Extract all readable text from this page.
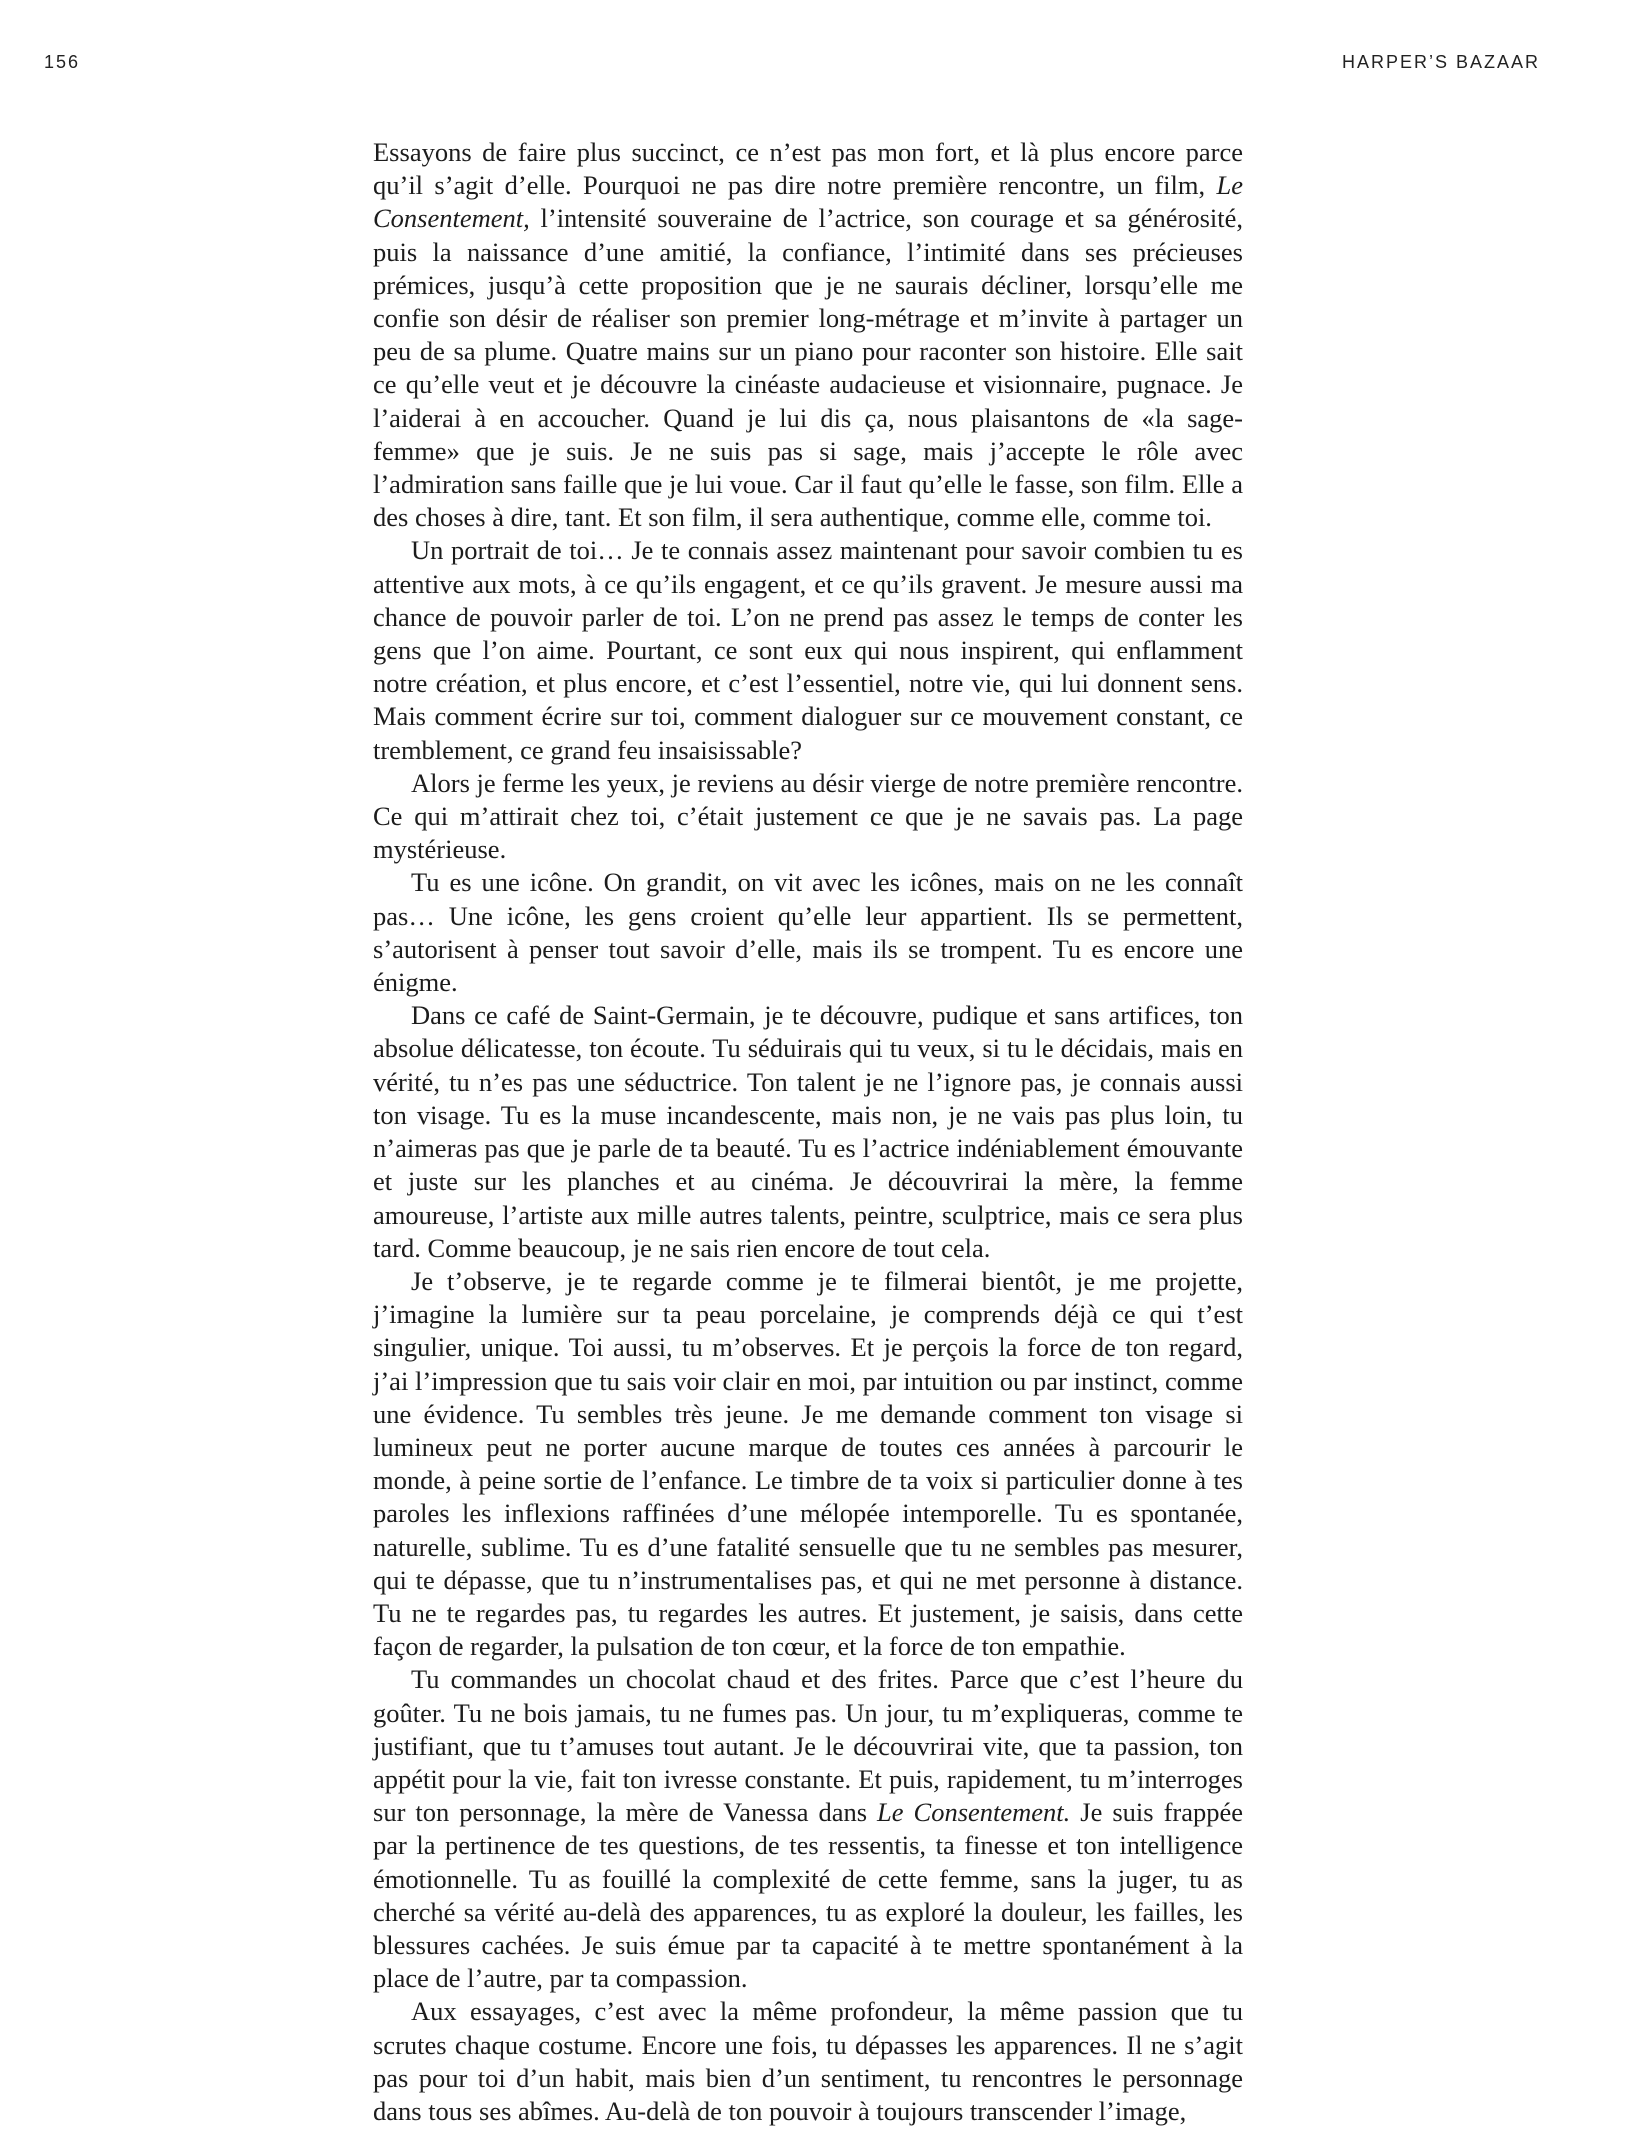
156	HARPER’S BAZAAR

Essayons de faire plus succinct, ce n’est pas mon fort, et là plus encore parce qu’il s’agit d’elle. Pourquoi ne pas dire notre première rencontre, un film, Le Consentement, l’intensité souveraine de l’actrice, son courage et sa générosité, puis la naissance d’une amitié, la confiance, l’intimité dans ses précieuses prémices, jusqu’à cette proposition que je ne saurais décliner, lorsqu’elle me confie son désir de réaliser son premier long-métrage et m’invite à partager un peu de sa plume. Quatre mains sur un piano pour raconter son histoire. Elle sait ce qu’elle veut et je découvre la cinéaste audacieuse et visionnaire, pugnace. Je l’aiderai à en accoucher. Quand je lui dis ça, nous plaisantons de «la sage-femme» que je suis. Je ne suis pas si sage, mais j’accepte le rôle avec l’admiration sans faille que je lui voue. Car il faut qu’elle le fasse, son film. Elle a des choses à dire, tant. Et son film, il sera authentique, comme elle, comme toi.

Un portrait de toi… Je te connais assez maintenant pour savoir combien tu es attentive aux mots, à ce qu’ils engagent, et ce qu’ils gravent. Je mesure aussi ma chance de pouvoir parler de toi. L’on ne prend pas assez le temps de conter les gens que l’on aime. Pourtant, ce sont eux qui nous inspirent, qui enflamment notre création, et plus encore, et c’est l’essentiel, notre vie, qui lui donnent sens. Mais comment écrire sur toi, comment dialoguer sur ce mouvement constant, ce tremblement, ce grand feu insaisissable?

Alors je ferme les yeux, je reviens au désir vierge de notre première rencontre. Ce qui m’attirait chez toi, c’était justement ce que je ne savais pas. La page mystérieuse.

Tu es une icône. On grandit, on vit avec les icônes, mais on ne les connaît pas… Une icône, les gens croient qu’elle leur appartient. Ils se permettent, s’autorisent à penser tout savoir d’elle, mais ils se trompent. Tu es encore une énigme.

Dans ce café de Saint-Germain, je te découvre, pudique et sans artifices, ton absolue délicatesse, ton écoute. Tu séduirais qui tu veux, si tu le décidais, mais en vérité, tu n’es pas une séductrice. Ton talent je ne l’ignore pas, je connais aussi ton visage. Tu es la muse incandescente, mais non, je ne vais pas plus loin, tu n’aimeras pas que je parle de ta beauté. Tu es l’actrice indéniablement émouvante et juste sur les planches et au cinéma. Je découvrirai la mère, la femme amoureuse, l’artiste aux mille autres talents, peintre, sculptrice, mais ce sera plus tard. Comme beaucoup, je ne sais rien encore de tout cela.

Je t’observe, je te regarde comme je te filmerai bientôt, je me projette, j’imagine la lumière sur ta peau porcelaine, je comprends déjà ce qui t’est singulier, unique. Toi aussi, tu m’observes. Et je perçois la force de ton regard, j’ai l’impression que tu sais voir clair en moi, par intuition ou par instinct, comme une évidence. Tu sembles très jeune. Je me demande comment ton visage si lumineux peut ne porter aucune marque de toutes ces années à parcourir le monde, à peine sortie de l’enfance. Le timbre de ta voix si particulier donne à tes paroles les inflexions raffinées d’une mélopée intemporelle. Tu es spontanée, naturelle, sublime. Tu es d’une fatalité sensuelle que tu ne sembles pas mesurer, qui te dépasse, que tu n’instrumentalises pas, et qui ne met personne à distance. Tu ne te regardes pas, tu regardes les autres. Et justement, je saisis, dans cette façon de regarder, la pulsation de ton cœur, et la force de ton empathie.

Tu commandes un chocolat chaud et des frites. Parce que c’est l’heure du goûter. Tu ne bois jamais, tu ne fumes pas. Un jour, tu m’expliqueras, comme te justifiant, que tu t’amuses tout autant. Je le découvrirai vite, que ta passion, ton appétit pour la vie, fait ton ivresse constante. Et puis, rapidement, tu m’interroges sur ton personnage, la mère de Vanessa dans Le Consentement. Je suis frappée par la pertinence de tes questions, de tes ressentis, ta finesse et ton intelligence émotionnelle. Tu as fouillé la complexité de cette femme, sans la juger, tu as cherché sa vérité au-delà des apparences, tu as exploré la douleur, les failles, les blessures cachées. Je suis émue par ta capacité à te mettre spontanément à la place de l’autre, par ta compassion.

Aux essayages, c’est avec la même profondeur, la même passion que tu scrutes chaque costume. Encore une fois, tu dépasses les apparences. Il ne s’agit pas pour toi d’un habit, mais bien d’un sentiment, tu rencontres le personnage dans tous ses abîmes. Au-delà de ton pouvoir à toujours transcender l’image,
